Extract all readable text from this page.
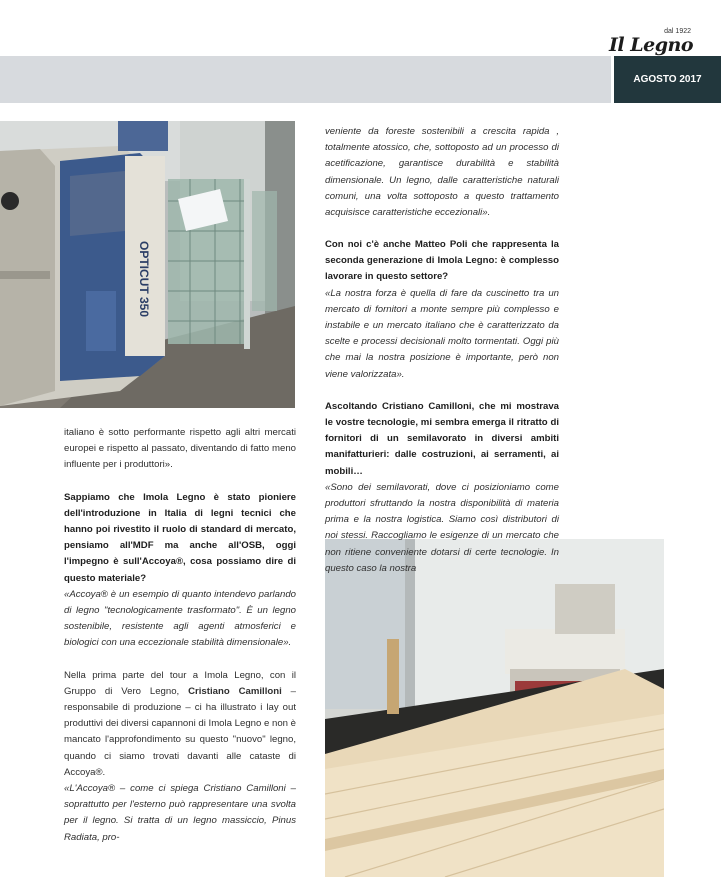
dal 1922
Il Legno
AGOSTO 2017
OPTICUT 350

italiano è sotto performante rispetto agli altri mercati europei e rispetto al passato, diventando di fatto meno influente per i produttori».

Sappiamo che Imola Legno è stato pioniere dell'introduzione in Italia di legni tecnici che hanno poi rivestito il ruolo di standard di mercato, pensiamo all'MDF ma anche all'OSB, oggi l'impegno è sull'Accoya®, cosa possiamo dire di questo materiale?

«Accoya® è un esempio di quanto intendevo parlando di legno "tecnologicamente trasformato". È un legno sostenibile, resistente agli agenti atmosferici e biologici con una eccezionale stabilità dimensionale».

Nella prima parte del tour a Imola Legno, con il Gruppo di Vero Legno, Cristiano Camilloni – responsabile di produzione – ci ha illustrato i lay out produttivi dei diversi capannoni di Imola Legno e non è mancato l'approfondimento su questo "nuovo" legno, quando ci siamo trovati davanti alle cataste di Accoya®.

«L'Accoya® – come ci spiega Cristiano Camilloni – soprattutto per l'esterno può rappresentare una svolta per il legno. Si tratta di un legno massiccio, Pinus Radiata, pro-

veniente da foreste sostenibili a crescita rapida , totalmente atossico, che, sottoposto ad un processo di acetificazione, garantisce durabilità e stabilità dimensionale. Un legno, dalle caratteristiche naturali comuni, una volta sottoposto a questo trattamento acquisisce caratteristiche eccezionali».

Con noi c'è anche Matteo Poli che rappresenta la seconda generazione di Imola Legno: è complesso lavorare in questo settore?

«La nostra forza è quella di fare da cuscinetto tra un mercato di fornitori a monte sempre più complesso e instabile e un mercato italiano che è caratterizzato da scelte e processi decisionali molto tormentati. Oggi più che mai la nostra posizione è importante, però non viene valorizzata».

Ascoltando Cristiano Camilloni, che mi mostrava le vostre tecnologie, mi sembra emerga il ritratto di fornitori di un semilavorato in diversi ambiti manifatturieri: dalle costruzioni, ai serramenti, ai mobili…

«Sono dei semilavorati, dove ci posizioniamo come produttori sfruttando la nostra disponibilità di materia prima e la nostra logistica. Siamo così distributori di noi stessi. Raccogliamo le esigenze di un mercato che non ritiene conveniente dotarsi di certe tecnologie. In questo caso la nostra
